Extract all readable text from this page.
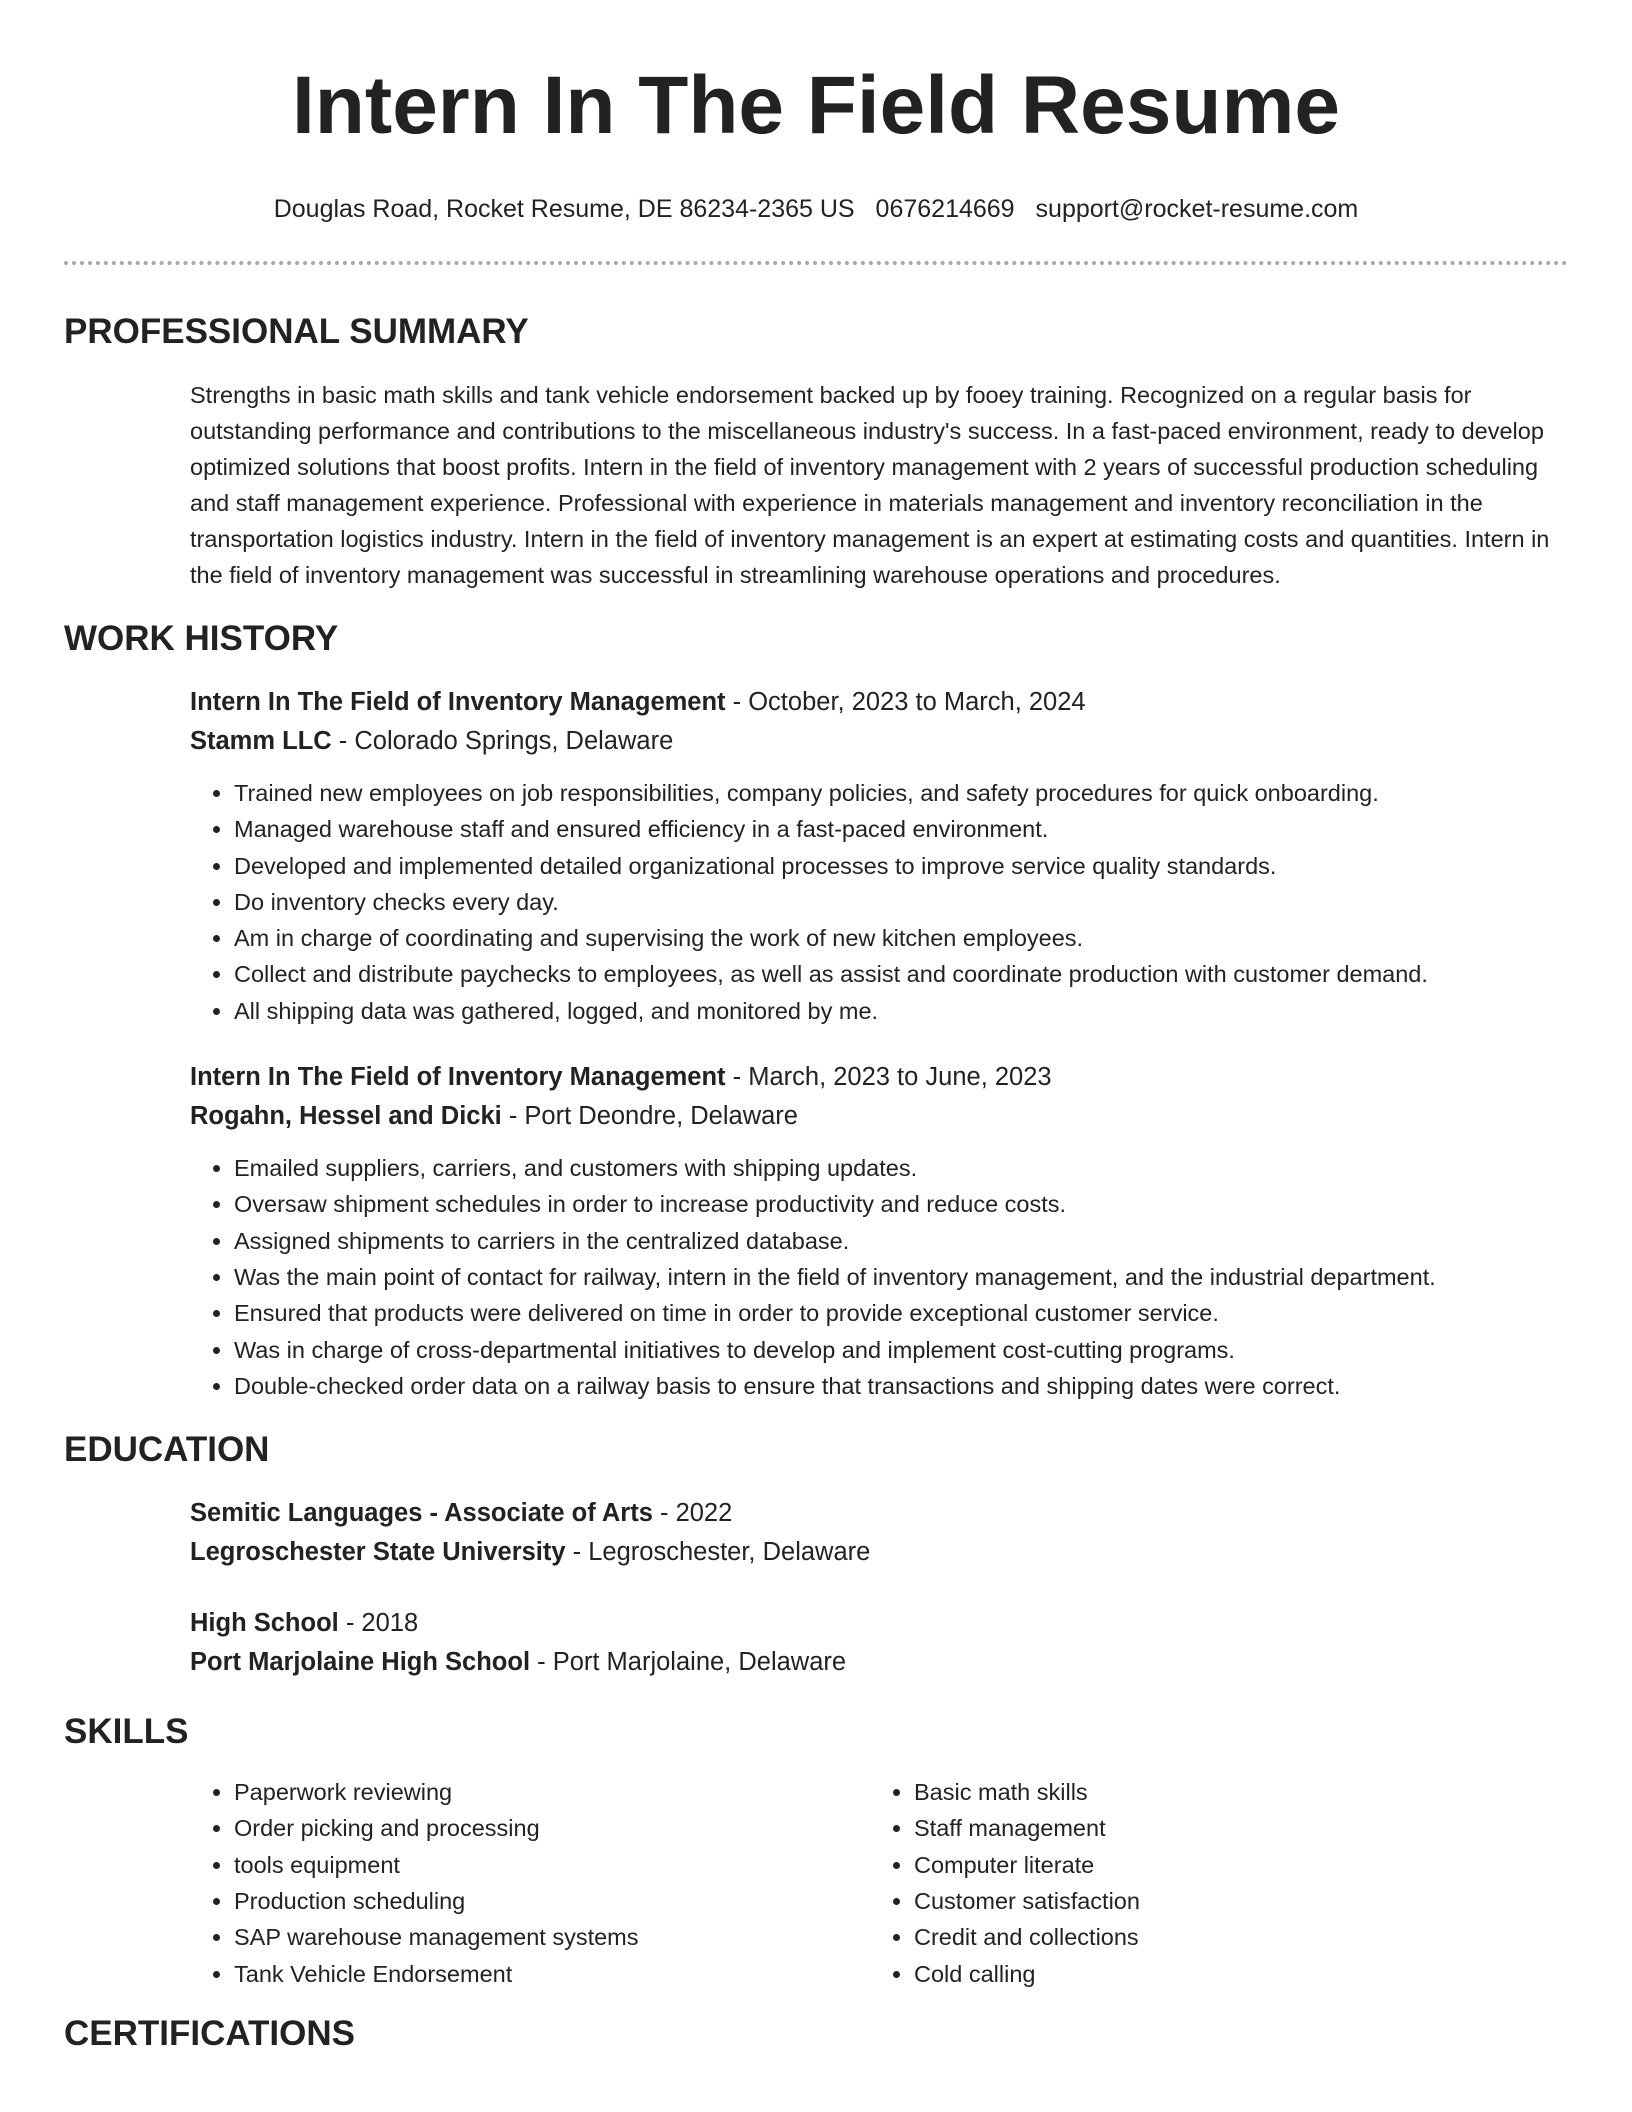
Intern In The Field Resume
Douglas Road, Rocket Resume, DE 86234-2365 US 0676214669 support@rocket-resume.com
PROFESSIONAL SUMMARY

Strengths in basic math skills and tank vehicle endorsement backed up by fooey training. Recognized on a regular basis for outstanding performance and contributions to the miscellaneous industry's success. In a fast-paced environment, ready to develop optimized solutions that boost profits. Intern in the field of inventory management with 2 years of successful production scheduling and staff management experience. Professional with experience in materials management and inventory reconciliation in the transportation logistics industry. Intern in the field of inventory management is an expert at estimating costs and quantities. Intern in the field of inventory management was successful in streamlining warehouse operations and procedures.

WORK HISTORY
Intern In The Field of Inventory Management - October, 2023 to March, 2024
Stamm LLC - Colorado Springs, Delaware
• Trained new employees on job responsibilities, company policies, and safety procedures for quick onboarding.
• Managed warehouse staff and ensured efficiency in a fast-paced environment.
• Developed and implemented detailed organizational processes to improve service quality standards.
• Do inventory checks every day.
• Am in charge of coordinating and supervising the work of new kitchen employees.
• Collect and distribute paychecks to employees, as well as assist and coordinate production with customer demand.
• All shipping data was gathered, logged, and monitored by me.
Intern In The Field of Inventory Management - March, 2023 to June, 2023
Rogahn, Hessel and Dicki - Port Deondre, Delaware
• Emailed suppliers, carriers, and customers with shipping updates.
• Oversaw shipment schedules in order to increase productivity and reduce costs.
• Assigned shipments to carriers in the centralized database.
• Was the main point of contact for railway, intern in the field of inventory management, and the industrial department.
• Ensured that products were delivered on time in order to provide exceptional customer service.
• Was in charge of cross-departmental initiatives to develop and implement cost-cutting programs.
• Double-checked order data on a railway basis to ensure that transactions and shipping dates were correct.
EDUCATION
Semitic Languages - Associate of Arts - 2022
Legroschester State University - Legroschester, Delaware
High School - 2018
Port Marjolaine High School - Port Marjolaine, Delaware
SKILLS
• Paperwork reviewing
• Order picking and processing
• tools equipment
• Production scheduling
• SAP warehouse management systems
• Tank Vehicle Endorsement
• Basic math skills
• Staff management
• Computer literate
• Customer satisfaction
• Credit and collections
• Cold calling
CERTIFICATIONS
